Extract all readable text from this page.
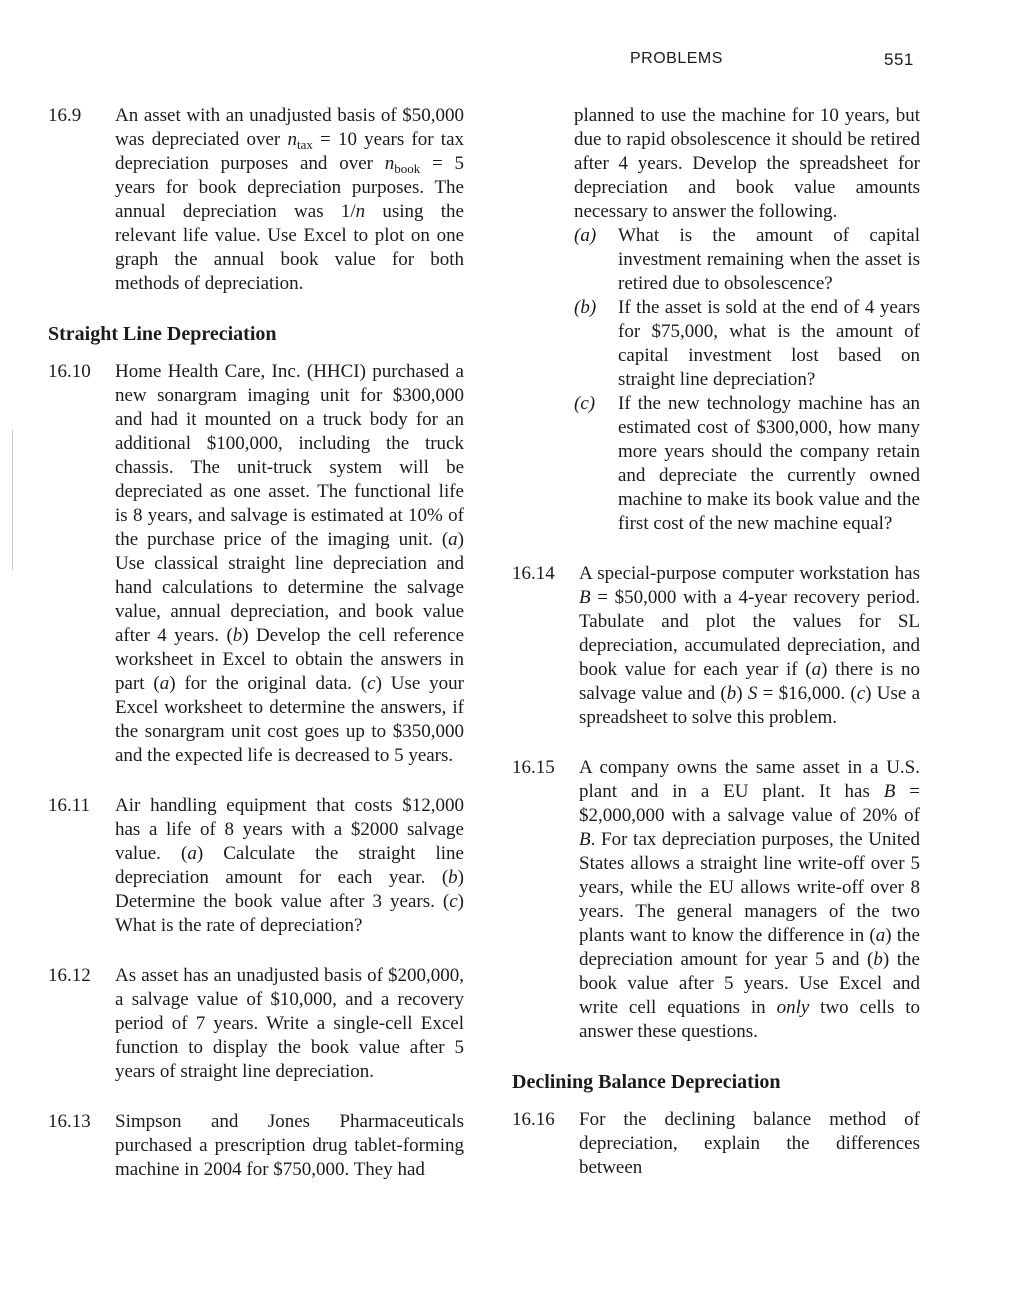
PROBLEMS	551
16.9	An asset with an unadjusted basis of $50,000 was depreciated over $n_{tax} = 10$ years for tax depreciation purposes and over $n_{book} = 5$ years for book depreciation purposes. The annual depreciation was 1/n using the relevant life value. Use Excel to plot on one graph the annual book value for both methods of depreciation.
Straight Line Depreciation
16.10	Home Health Care, Inc. (HHCI) purchased a new sonargram imaging unit for $300,000 and had it mounted on a truck body for an additional $100,000, including the truck chassis. The unit-truck system will be depreciated as one asset. The functional life is 8 years, and salvage is estimated at 10% of the purchase price of the imaging unit. (a) Use classical straight line depreciation and hand calculations to determine the salvage value, annual depreciation, and book value after 4 years. (b) Develop the cell reference worksheet in Excel to obtain the answers in part (a) for the original data. (c) Use your Excel worksheet to determine the answers, if the sonargram unit cost goes up to $350,000 and the expected life is decreased to 5 years.
16.11	Air handling equipment that costs $12,000 has a life of 8 years with a $2000 salvage value. (a) Calculate the straight line depreciation amount for each year. (b) Determine the book value after 3 years. (c) What is the rate of depreciation?
16.12	As asset has an unadjusted basis of $200,000, a salvage value of $10,000, and a recovery period of 7 years. Write a single-cell Excel function to display the book value after 5 years of straight line depreciation.
16.13	Simpson and Jones Pharmaceuticals purchased a prescription drug tablet-forming machine in 2004 for $750,000. They had
planned to use the machine for 10 years, but due to rapid obsolescence it should be retired after 4 years. Develop the spreadsheet for depreciation and book value amounts necessary to answer the following.
(a)	What is the amount of capital investment remaining when the asset is retired due to obsolescence?
(b)	If the asset is sold at the end of 4 years for $75,000, what is the amount of capital investment lost based on straight line depreciation?
(c)	If the new technology machine has an estimated cost of $300,000, how many more years should the company retain and depreciate the currently owned machine to make its book value and the first cost of the new machine equal?
16.14	A special-purpose computer workstation has B = $50,000 with a 4-year recovery period. Tabulate and plot the values for SL depreciation, accumulated depreciation, and book value for each year if (a) there is no salvage value and (b) S = $16,000. (c) Use a spreadsheet to solve this problem.
16.15	A company owns the same asset in a U.S. plant and in a EU plant. It has B = $2,000,000 with a salvage value of 20% of B. For tax depreciation purposes, the United States allows a straight line write-off over 5 years, while the EU allows write-off over 8 years. The general managers of the two plants want to know the difference in (a) the depreciation amount for year 5 and (b) the book value after 5 years. Use Excel and write cell equations in only two cells to answer these questions.
Declining Balance Depreciation
16.16	For the declining balance method of depreciation, explain the differences between
